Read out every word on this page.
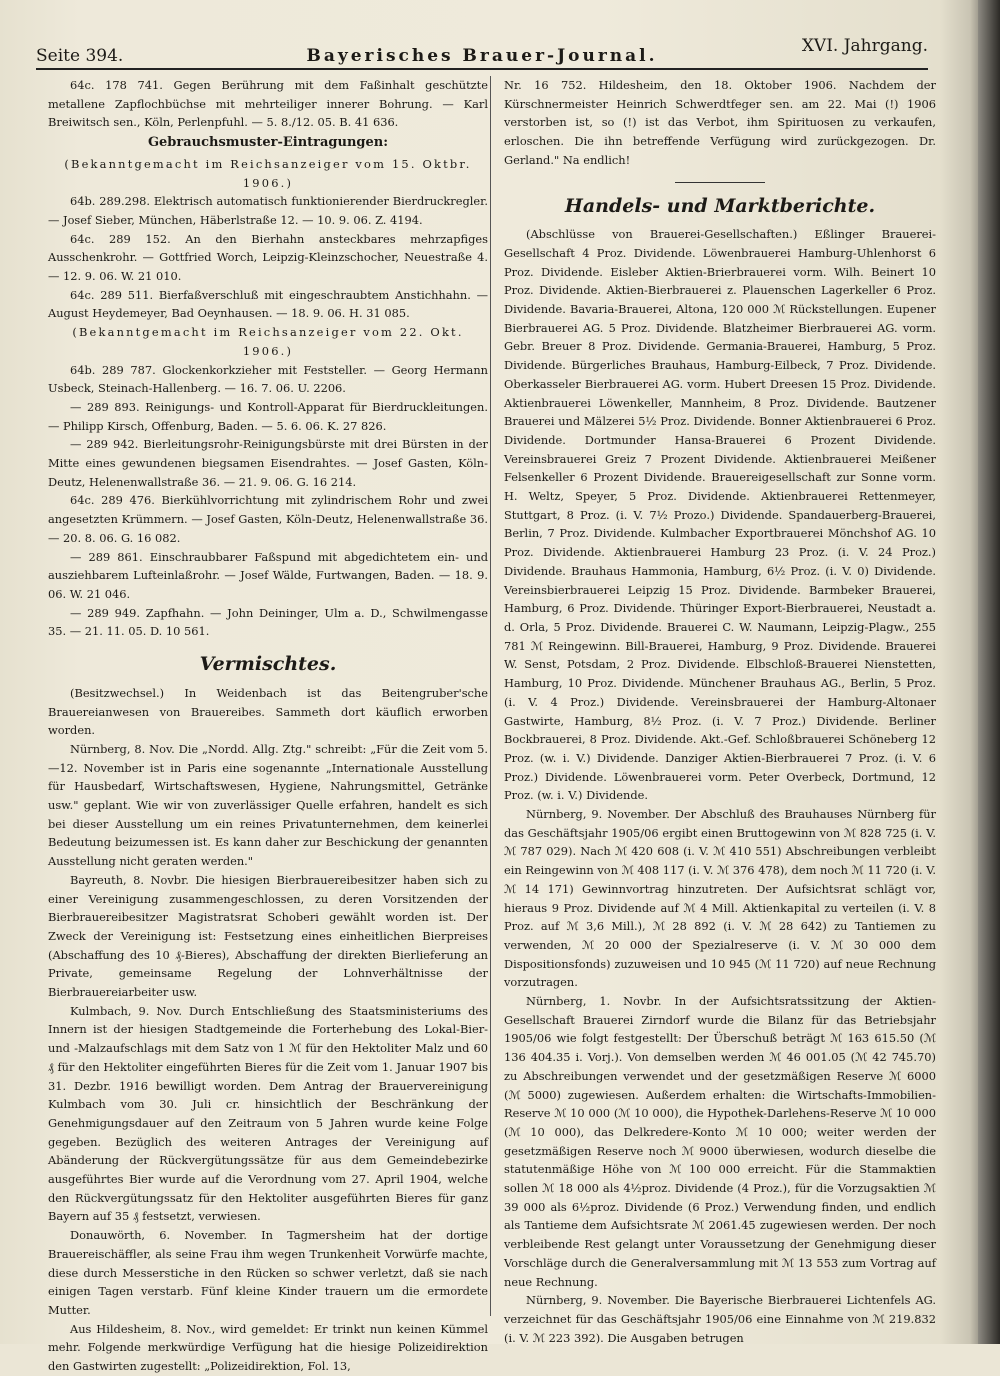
Seite 394.	Bayerisches Brauer-Journal.	XVI. Jahrgang.

64c. 178 741. Gegen Berührung mit dem Faßinhalt geschützte metallene Zapflochbüchse mit mehrteiliger innerer Bohrung. — Karl Breiwitsch sen., Köln, Perlenpfuhl. — 5. 8./12. 05. B. 41 636.

Gebrauchsmuster-Eintragungen:

(Bekanntgemacht im Reichsanzeiger vom 15. Oktbr. 1906.)

64b. 289.298. Elektrisch automatisch funktionierender Bierdruckregler. — Josef Sieber, München, Häberlstraße 12. — 10. 9. 06. Z. 4194.

64c. 289 152. An den Bierhahn ansteckbares mehrzapfiges Ausschenkrohr. — Gottfried Worch, Leipzig-Kleinzschocher, Neuestraße 4. — 12. 9. 06. W. 21 010.

64c. 289 511. Bierfaßverschluß mit eingeschraubtem Anstichhahn. — August Heydemeyer, Bad Oeynhausen. — 18. 9. 06. H. 31 085.

(Bekanntgemacht im Reichsanzeiger vom 22. Okt. 1906.)

64b. 289 787. Glockenkorkzieher mit Feststeller. — Georg Hermann Usbeck, Steinach-Hallenberg. — 16. 7. 06. U. 2206.

— 289 893. Reinigungs- und Kontroll-Apparat für Bierdruckleitungen. — Philipp Kirsch, Offenburg, Baden. — 5. 6. 06. K. 27 826.

— 289 942. Bierleitungsrohr-Reinigungsbürste mit drei Bürsten in der Mitte eines gewundenen biegsamen Eisendrahtes. — Josef Gasten, Köln-Deutz, Helenenwallstraße 36. — 21. 9. 06. G. 16 214.

64c. 289 476. Bierkühlvorrichtung mit zylindrischem Rohr und zwei angesetzten Krümmern. — Josef Gasten, Köln-Deutz, Helenenwallstraße 36. — 20. 8. 06. G. 16 082.

— 289 861. Einschraubbarer Faßspund mit abgedichtetem ein- und ausziehbarem Lufteinlaßrohr. — Josef Wälde, Furtwangen, Baden. — 18. 9. 06. W. 21 046.

— 289 949. Zapfhahn. — John Deininger, Ulm a. D., Schwilmengasse 35. — 21. 11. 05. D. 10 561.

Vermischtes.

(Besitzwechsel.) In Weidenbach ist das Beitengruber'sche Brauereianwesen von Brauereibes. Sammeth dort käuflich erworben worden.

Nürnberg, 8. Nov. Die „Nordd. Allg. Ztg." schreibt: „Für die Zeit vom 5.—12. November ist in Paris eine sogenannte „Internationale Ausstellung für Hausbedarf, Wirtschaftswesen, Hygiene, Nahrungsmittel, Getränke usw." geplant. Wie wir von zuverlässiger Quelle erfahren, handelt es sich bei dieser Ausstellung um ein reines Privatunternehmen, dem keinerlei Bedeutung beizumessen ist. Es kann daher zur Beschickung der genannten Ausstellung nicht geraten werden."

Bayreuth, 8. Novbr. Die hiesigen Bierbrauereibesitzer haben sich zu einer Vereinigung zusammengeschlossen, zu deren Vorsitzenden der Bierbrauereibesitzer Magistratsrat Schoberi gewählt worden ist. Der Zweck der Vereinigung ist: Festsetzung eines einheitlichen Bierpreises (Abschaffung des 10 ₰-Bieres), Abschaffung der direkten Bierlieferung an Private, gemeinsame Regelung der Lohnverhältnisse der Bierbrauereiarbeiter usw.

Kulmbach, 9. Nov. Durch Entschließung des Staatsministeriums des Innern ist der hiesigen Stadtgemeinde die Forterhebung des Lokal-Bier- und -Malzaufschlags mit dem Satz von 1 ℳ für den Hektoliter Malz und 60 ₰ für den Hektoliter eingeführten Bieres für die Zeit vom 1. Januar 1907 bis 31. Dezbr. 1916 bewilligt worden. Dem Antrag der Brauervereinigung Kulmbach vom 30. Juli cr. hinsichtlich der Beschränkung der Genehmigungsdauer auf den Zeitraum von 5 Jahren wurde keine Folge gegeben. Bezüglich des weiteren Antrages der Vereinigung auf Abänderung der Rückvergütungssätze für aus dem Gemeindebezirke ausgeführtes Bier wurde auf die Verordnung vom 27. April 1904, welche den Rückvergütungssatz für den Hektoliter ausgeführten Bieres für ganz Bayern auf 35 ₰ festsetzt, verwiesen.

Donauwörth, 6. November. In Tagmersheim hat der dortige Brauereischäffler, als seine Frau ihm wegen Trunkenheit Vorwürfe machte, diese durch Messerstiche in den Rücken so schwer verletzt, daß sie nach einigen Tagen verstarb. Fünf kleine Kinder trauern um die ermordete Mutter.

Aus Hildesheim, 8. Nov., wird gemeldet: Er trinkt nun keinen Kümmel mehr. Folgende merkwürdige Verfügung hat die hiesige Polizeidirektion den Gastwirten zugestellt: „Polizeidirektion, Fol. 13,

Nr. 16 752. Hildesheim, den 18. Oktober 1906. Nachdem der Kürschnermeister Heinrich Schwerdtfeger sen. am 22. Mai (!) 1906 verstorben ist, so (!) ist das Verbot, ihm Spirituosen zu verkaufen, erloschen. Die ihn betreffende Verfügung wird zurückgezogen. Dr. Gerland." Na endlich!

Handels- und Marktberichte.

(Abschlüsse von Brauerei-Gesellschaften.) Eßlinger Brauerei-Gesellschaft 4 Proz. Dividende. Löwenbrauerei Hamburg-Uhlenhorst 6 Proz. Dividende. Eisleber Aktien-Brierbrauerei vorm. Wilh. Beinert 10 Proz. Dividende. Aktien-Bierbrauerei z. Plauenschen Lagerkeller 6 Proz. Dividende. Bavaria-Brauerei, Altona, 120 000 ℳ Rückstellungen. Eupener Bierbrauerei AG. 5 Proz. Dividende. Blatzheimer Bierbrauerei AG. vorm. Gebr. Breuer 8 Proz. Dividende. Germania-Brauerei, Hamburg, 5 Proz. Dividende. Bürgerliches Brauhaus, Hamburg-Eilbeck, 7 Proz. Dividende. Oberkasseler Bierbrauerei AG. vorm. Hubert Dreesen 15 Proz. Dividende. Aktienbrauerei Löwenkeller, Mannheim, 8 Proz. Dividende. Bautzener Brauerei und Mälzerei 5½ Proz. Dividende. Bonner Aktienbrauerei 6 Proz. Dividende. Dortmunder Hansa-Brauerei 6 Prozent Dividende. Vereinsbrauerei Greiz 7 Prozent Dividende. Aktienbrauerei Meißener Felsenkeller 6 Prozent Dividende. Brauereigesellschaft zur Sonne vorm. H. Weltz, Speyer, 5 Proz. Dividende. Aktienbrauerei Rettenmeyer, Stuttgart, 8 Proz. (i. V. 7½ Prozo.) Dividende. Spandauerberg-Brauerei, Berlin, 7 Proz. Dividende. Kulmbacher Exportbrauerei Mönchshof AG. 10 Proz. Dividende. Aktienbrauerei Hamburg 23 Proz. (i. V. 24 Proz.) Dividende. Brauhaus Hammonia, Hamburg, 6½ Proz. (i. V. 0) Dividende. Vereinsbierbrauerei Leipzig 15 Proz. Dividende. Barmbeker Brauerei, Hamburg, 6 Proz. Dividende. Thüringer Export-Bierbrauerei, Neustadt a. d. Orla, 5 Proz. Dividende. Brauerei C. W. Naumann, Leipzig-Plagw., 255 781 ℳ Reingewinn. Bill-Brauerei, Hamburg, 9 Proz. Dividende. Brauerei W. Senst, Potsdam, 2 Proz. Dividende. Elbschloß-Brauerei Nienstetten, Hamburg, 10 Proz. Dividende. Münchener Brauhaus AG., Berlin, 5 Proz. (i. V. 4 Proz.) Dividende. Vereinsbrauerei der Hamburg-Altonaer Gastwirte, Hamburg, 8½ Proz. (i. V. 7 Proz.) Dividende. Berliner Bockbrauerei, 8 Proz. Dividende. Akt.-Gef. Schloßbrauerei Schöneberg 12 Proz. (w. i. V.) Dividende. Danziger Aktien-Bierbrauerei 7 Proz. (i. V. 6 Proz.) Dividende. Löwenbrauerei vorm. Peter Overbeck, Dortmund, 12 Proz. (w. i. V.) Dividende.

Nürnberg, 9. November. Der Abschluß des Brauhauses Nürnberg für das Geschäftsjahr 1905/06 ergibt einen Bruttogewinn von ℳ 828 725 (i. V. ℳ 787 029). Nach ℳ 420 608 (i. V. ℳ 410 551) Abschreibungen verbleibt ein Reingewinn von ℳ 408 117 (i. V. ℳ 376 478), dem noch ℳ 11 720 (i. V. ℳ 14 171) Gewinnvortrag hinzutreten. Der Aufsichtsrat schlägt vor, hieraus 9 Proz. Dividende auf ℳ 4 Mill. Aktienkapital zu verteilen (i. V. 8 Proz. auf ℳ 3,6 Mill.), ℳ 28 892 (i. V. ℳ 28 642) zu Tantiemen zu verwenden, ℳ 20 000 der Spezialreserve (i. V. ℳ 30 000 dem Dispositionsfonds) zuzuweisen und 10 945 (ℳ 11 720) auf neue Rechnung vorzutragen.

Nürnberg, 1. Novbr. In der Aufsichtsratssitzung der Aktien-Gesellschaft Brauerei Zirndorf wurde die Bilanz für das Betriebsjahr 1905/06 wie folgt festgestellt: Der Überschuß beträgt ℳ 163 615.50 (ℳ 136 404.35 i. Vorj.). Von demselben werden ℳ 46 001.05 (ℳ 42 745.70) zu Abschreibungen verwendet und der gesetzmäßigen Reserve ℳ 6000 (ℳ 5000) zugewiesen. Außerdem erhalten: die Wirtschafts-Immobilien-Reserve ℳ 10 000 (ℳ 10 000), die Hypothek-Darlehens-Reserve ℳ 10 000 (ℳ 10 000), das Delkredere-Konto ℳ 10 000; weiter werden der gesetzmäßigen Reserve noch ℳ 9000 überwiesen, wodurch dieselbe die statutenmäßige Höhe von ℳ 100 000 erreicht. Für die Stammaktien sollen ℳ 18 000 als 4½proz. Dividende (4 Proz.), für die Vorzugsaktien ℳ 39 000 als 6½proz. Dividende (6 Proz.) Verwendung finden, und endlich als Tantieme dem Aufsichtsrate ℳ 2061.45 zugewiesen werden. Der noch verbleibende Rest gelangt unter Voraussetzung der Genehmigung dieser Vorschläge durch die Generalversammlung mit ℳ 13 553 zum Vortrag auf neue Rechnung.

Nürnberg, 9. November. Die Bayerische Bierbrauerei Lichtenfels AG. verzeichnet für das Geschäftsjahr 1905/06 eine Einnahme von ℳ 219.832 (i. V. ℳ 223 392). Die Ausgaben betrugen
